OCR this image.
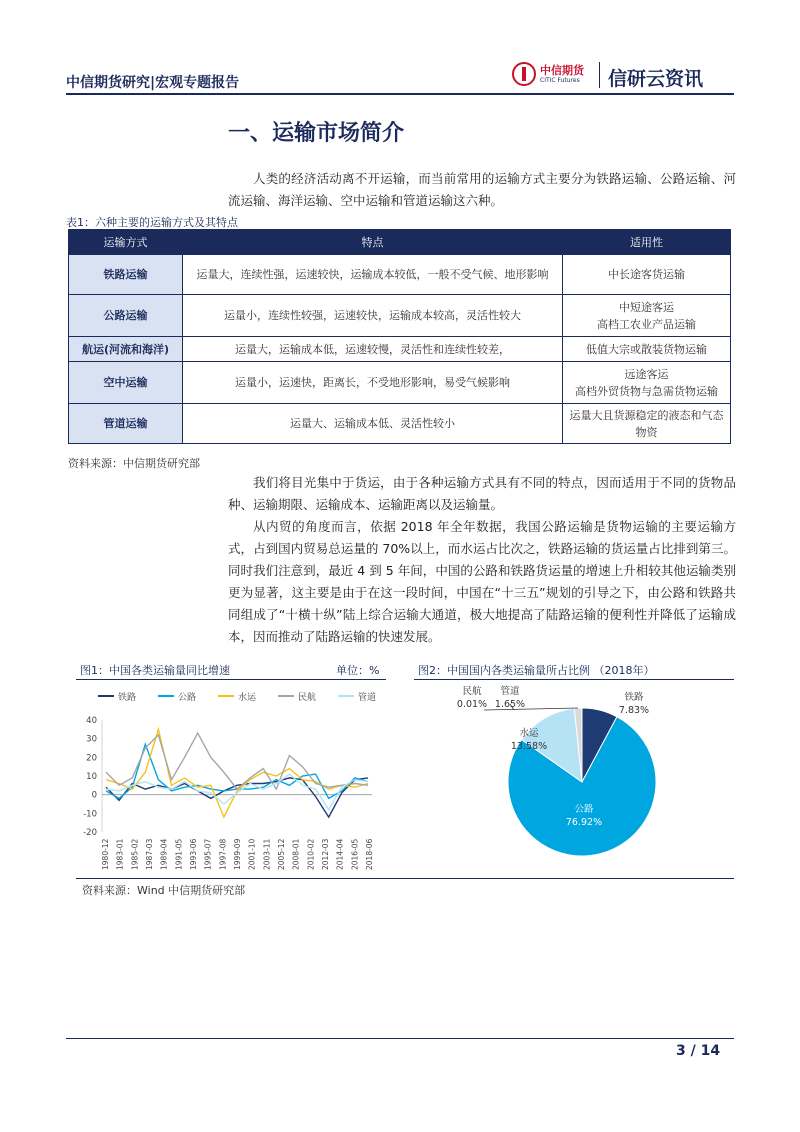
中信期货研究|宏观专题报告
中信期货
CITIC Futures 信研云资讯
一、运输市场简介
人类的经济活动离不开运输，而当前常用的运输方式主要分为铁路运输、公路运输、河流运输、海洋运输、空中运输和管道运输这六种。
表1：六种主要的运输方式及其特点
运输方式	特点	适用性
铁路运输	运量大，连续性强，运速较快，运输成本较低，一般不受气候、地形影响	中长途客货运输

公路运输	运量小，连续性较强，运速较快，运输成本较高，灵活性较大	中短途客运
高档工农业产品运输

航运(河流和海洋)	运量大，运输成本低，运速较慢，灵活性和连续性较差，	低值大宗或散装货物运输

空中运输	运量小，运速快，距离长，不受地形影响，易受气候影响	远途客运
高档外贸货物与急需货物运输

管道运输	运量大、运输成本低、灵活性较小	运量大且货源稳定的液态和气态物资
资料来源：中信期货研究部
我们将目光集中于货运，由于各种运输方式具有不同的特点，因而适用于不同的货物品种、运输期限、运输成本、运输距离以及运输量。
从内贸的角度而言，依据 2018 年全年数据，我国公路运输是货物运输的主要运输方式，占到国内贸易总运量的 70%以上，而水运占比次之，铁路运输的货运量占比排到第三。同时我们注意到，最近 4 到 5 年间，中国的公路和铁路货运量的增速上升相较其他运输类别更为显著，这主要是由于在这一段时间，中国在“十三五”规划的引导之下，由公路和铁路共同组成了“十横十纵”陆上综合运输大通道，极大地提高了陆路运输的便利性并降低了运输成本，因而推动了陆路运输的快速发展。
图1：中国各类运输量同比增速	单位：%
铁路	公路	水运	民航	管道
-20
-10
0
10
20
30
40
1980-12 1983-01 1985-02 1987-03 1989-04 1991-05 1993-06 1995-07 1997-08 1999-09 2001-10 2003-11 2005-12 2008-01 2010-02 2012-03 2014-04 2016-05 2018-06
图2：中国国内各类运输量所占比例 （2018年）
铁路
7.83%
公路
76.92%
水运
13.58%
管道
1.65%
民航
0.01%
资料来源：Wind 中信期货研究部
3 / 14
